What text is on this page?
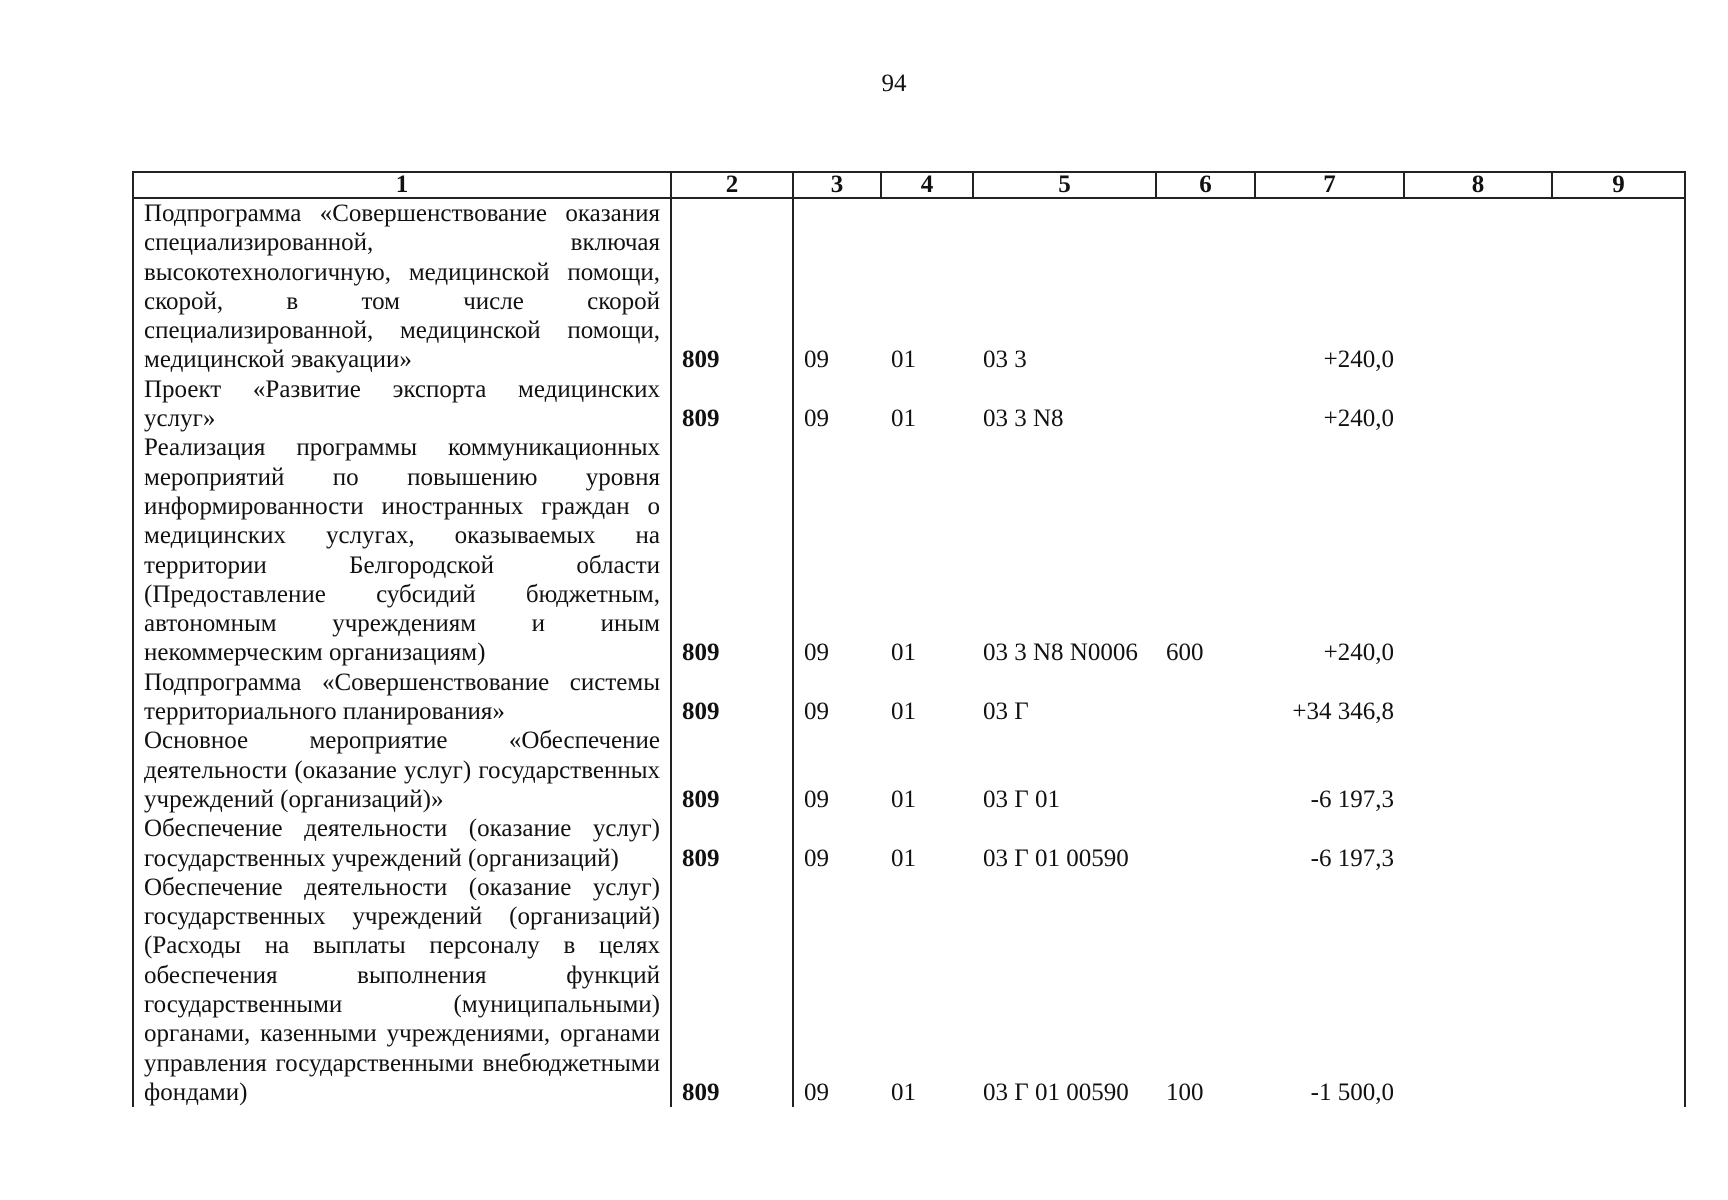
94
1	2	3	4	5	6	7	8	9
Подпрограмма «Совершенствование оказания специализированной, включая высокотехнологичную, медицинской помощи, скорой, в том числе скорой специализированной, медицинской помощи, медицинской эвакуации»	809	09	01	03 3		+240,0		
Проект «Развитие экспорта медицинских услуг»	809	09	01	03 3 N8		+240,0		
Реализация программы коммуникационных мероприятий по повышению уровня информированности иностранных граждан о медицинских услугах, оказываемых на территории Белгородской области (Предоставление субсидий бюджетным, автономным учреждениям и иным некоммерческим организациям)	809	09	01	03 3 N8 N0006	600	+240,0		
Подпрограмма «Совершенствование системы территориального планирования»	809	09	01	03 Г		+34 346,8		
Основное мероприятие «Обеспечение деятельности (оказание услуг) государственных учреждений (организаций)»	809	09	01	03 Г 01		-6 197,3		
Обеспечение деятельности (оказание услуг) государственных учреждений (организаций)	809	09	01	03 Г 01 00590		-6 197,3		
Обеспечение деятельности (оказание услуг) государственных учреждений (организаций) (Расходы на выплаты персоналу в целях обеспечения выполнения функций государственными (муниципальными) органами, казенными учреждениями, органами управления государственными внебюджетными фондами)	809	09	01	03 Г 01 00590	100	-1 500,0		
